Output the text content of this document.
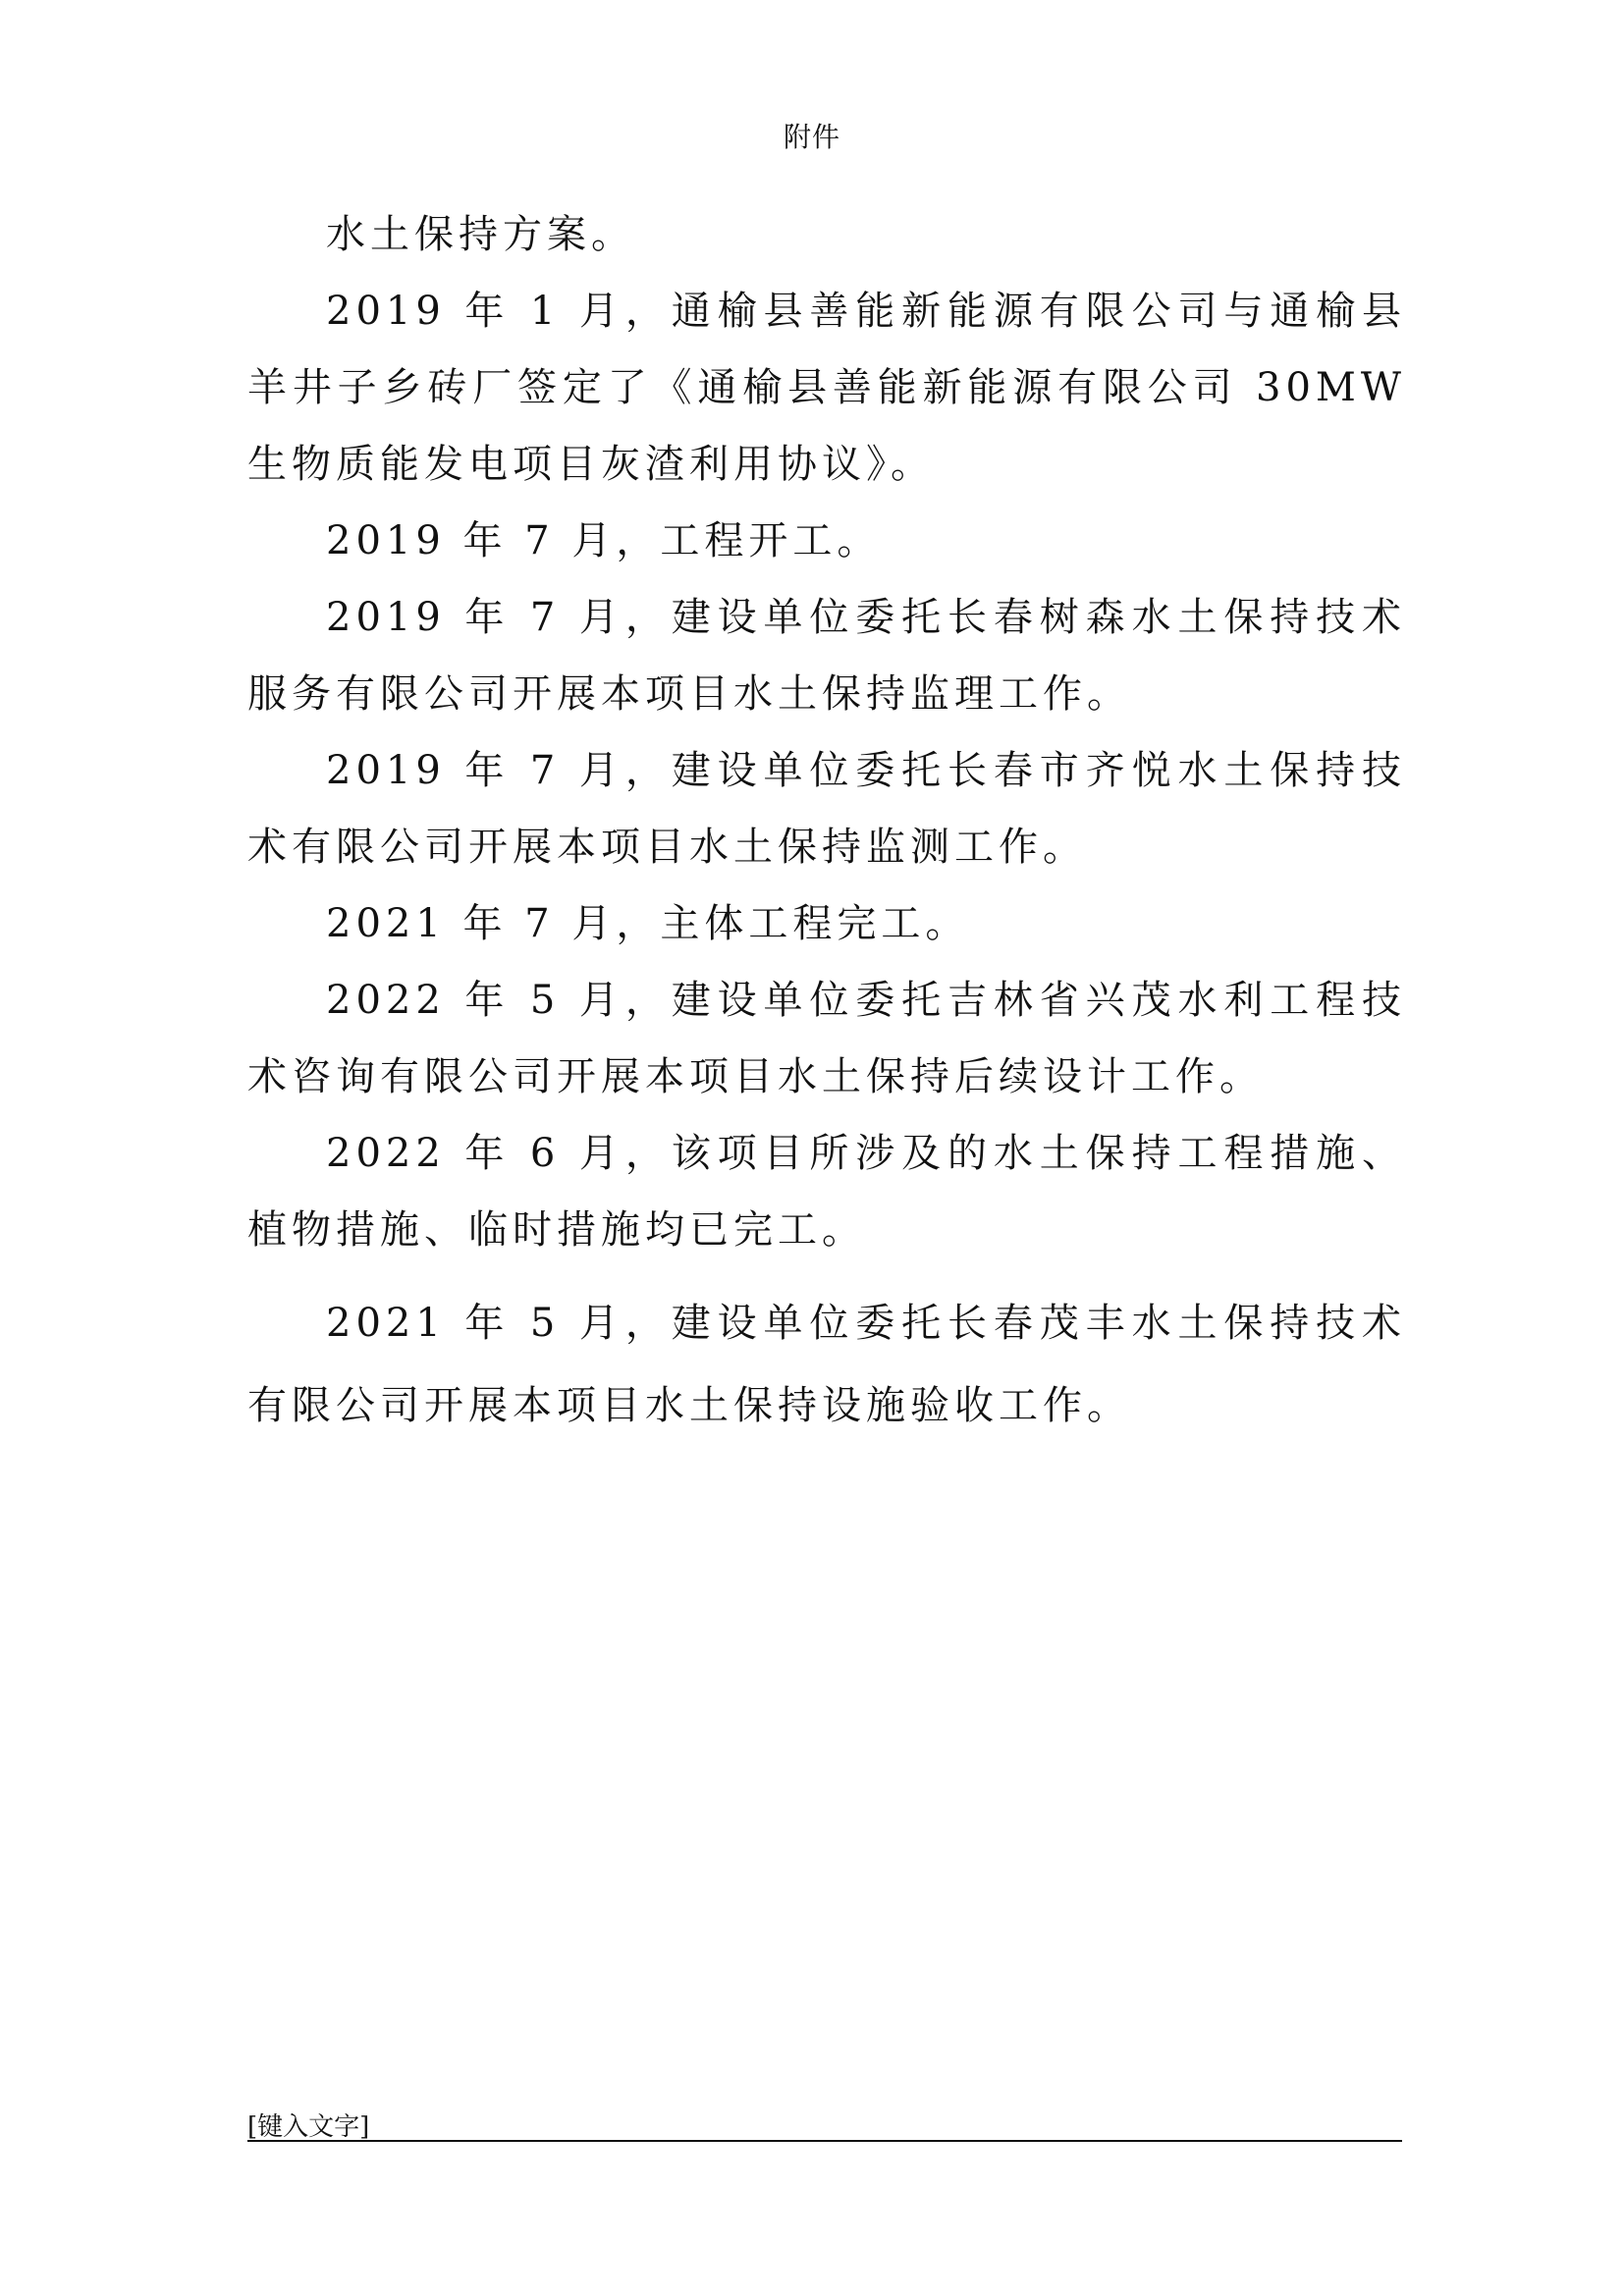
附件

水土保持方案。

2019 年 1 月，通榆县善能新能源有限公司与通榆县羊井子乡砖厂签定了《通榆县善能新能源有限公司 30MW 生物质能发电项目灰渣利用协议》。

2019 年 7 月，工程开工。

2019 年 7 月，建设单位委托长春树森水土保持技术服务有限公司开展本项目水土保持监理工作。

2019 年 7 月，建设单位委托长春市齐悦水土保持技术有限公司开展本项目水土保持监测工作。

2021 年 7 月，主体工程完工。

2022 年 5 月，建设单位委托吉林省兴茂水利工程技术咨询有限公司开展本项目水土保持后续设计工作。

2022 年 6 月，该项目所涉及的水土保持工程措施、植物措施、临时措施均已完工。

2021 年 5 月，建设单位委托长春茂丰水土保持技术有限公司开展本项目水土保持设施验收工作。

[键入文字]
